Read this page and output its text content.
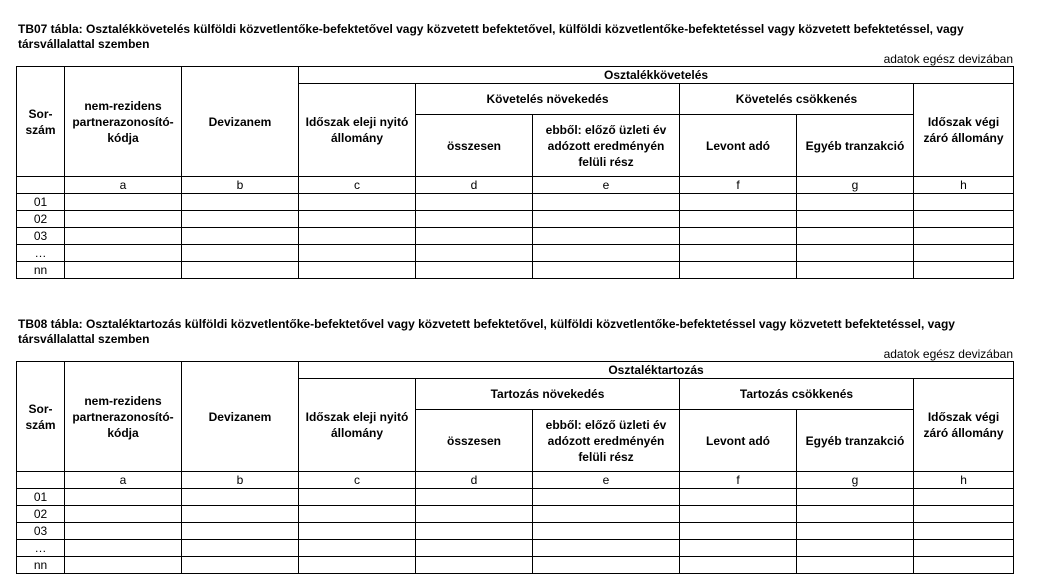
TB07 tábla: Osztalékkövetelés külföldi közvetlentőke-befektetővel vagy közvetett befektetővel, külföldi közvetlentőke-befektetéssel vagy közvetett befektetéssel, vagy társvállalattal szemben

adatok egész devizában
Sor-szám	nem-rezidens partnerazonosító-kódja	Devizanem	Osztalékkövetelés					
			Időszak eleji nyitó állomány	Követelés növekedés		Követelés csökkenés		Időszak végi záró állomány
				összesen	ebből: előző üzleti év adózott eredményén felüli rész	Levont adó	Egyéb tranzakció	
	a	b	c	d	e	f	g	h
01								
02								
03								
…								
nn								

TB08 tábla: Osztaléktartozás külföldi közvetlentőke-befektetővel vagy közvetett befektetővel, külföldi közvetlentőke-befektetéssel vagy közvetett befektetéssel, vagy társvállalattal szemben

adatok egész devizában
Sor-szám	nem-rezidens partnerazonosító-kódja	Devizanem	Osztaléktartozás					
			Időszak eleji nyitó állomány	Tartozás növekedés		Tartozás csökkenés		Időszak végi záró állomány
				összesen	ebből: előző üzleti év adózott eredményén felüli rész	Levont adó	Egyéb tranzakció	
	a	b	c	d	e	f	g	h
01								
02								
03								
…								
nn								
